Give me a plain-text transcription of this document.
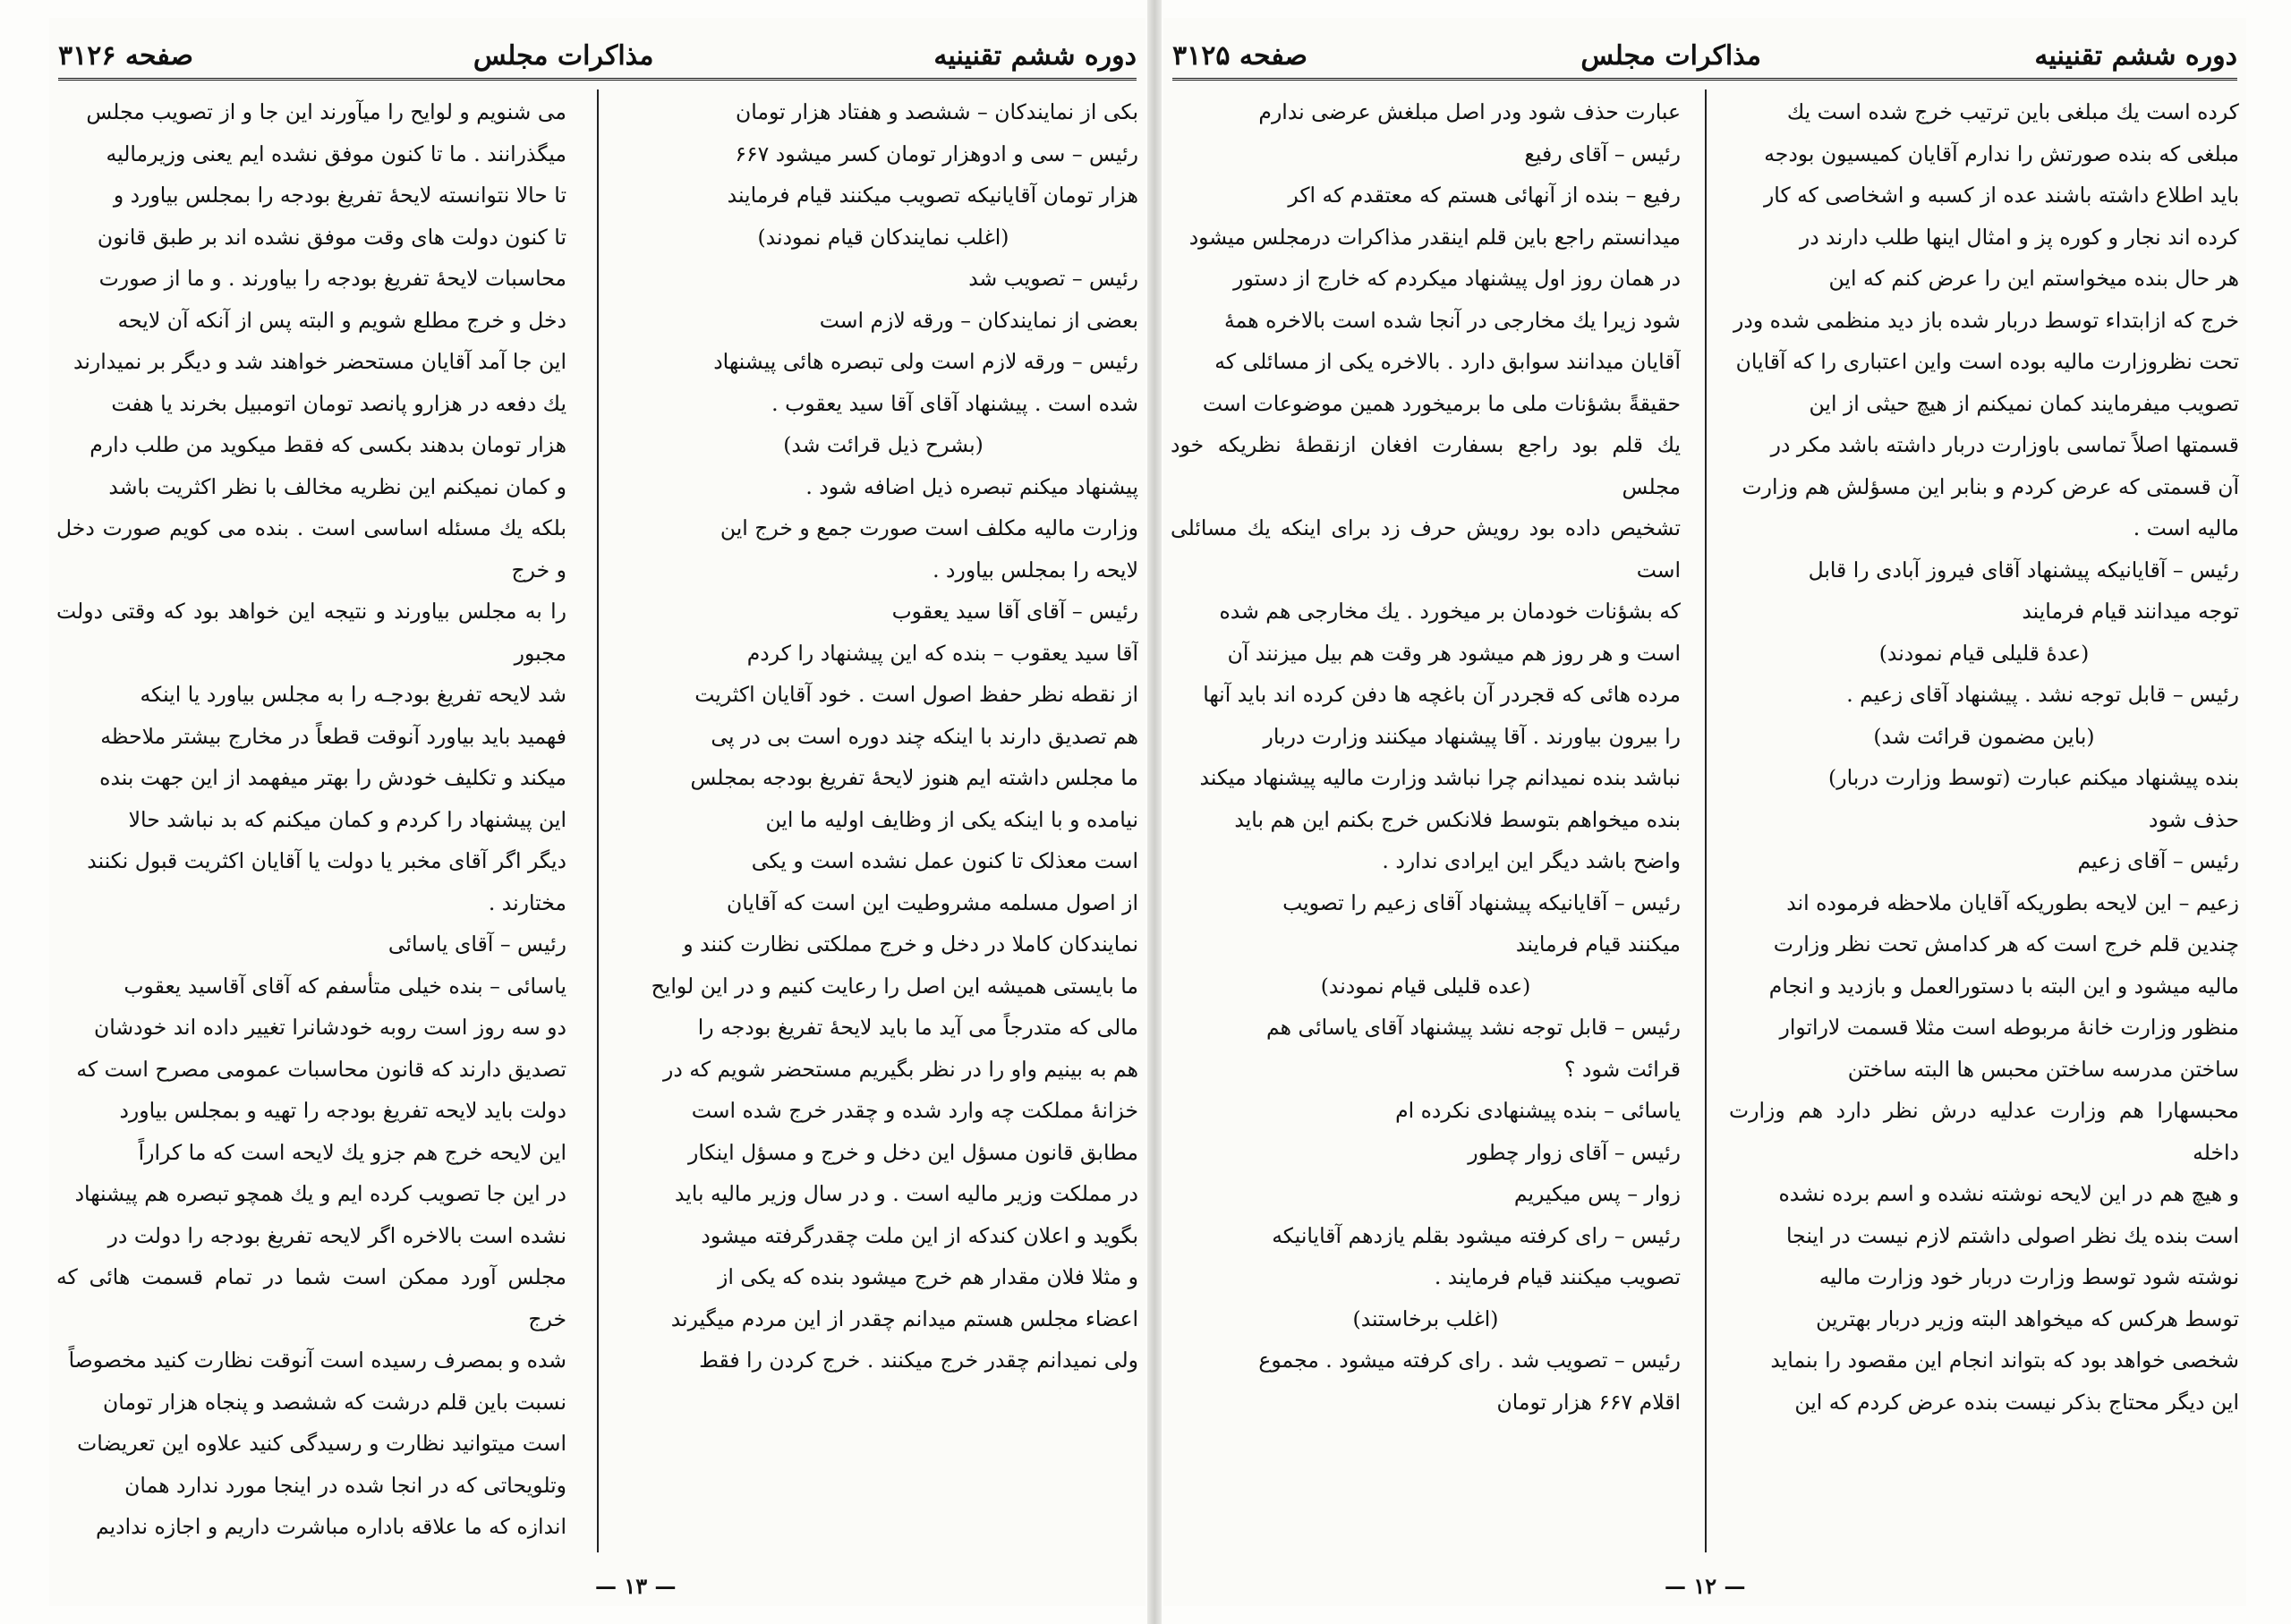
دوره ششم تقنینیه
مذاکرات مجلس
صفحه ۳۱۲۶
بکی از نمایندکان – ششصد و هفتاد هزار تومان
رئیس – سی و ادوهزار تومان کسر میشود ۶۶۷
هزار تومان آقایانیکه تصویب میکنند قیام فرمایند
(اغلب نمایندکان قیام نمودند)
رئیس – تصویب شد
بعضی از نمایندکان – ورقه لازم است
رئیس – ورقه لازم است ولی تبصره هائی پیشنهاد
شده است . پیشنهاد آقای آقا سید یعقوب .
(بشرح ذیل قرائت شد)
پیشنهاد میکنم تبصره ذیل اضافه شود .
وزارت مالیه مکلف است صورت جمع و خرج این
لایحه را بمجلس بیاورد .
رئیس – آقای آقا سید یعقوب
آقا سید یعقوب – بنده که این پیشنهاد را کردم
از نقطه نظر حفظ اصول است . خود آقایان اکثریت
هم تصدیق دارند با اینکه چند دوره است بی در پی
ما مجلس داشته ایم هنوز لایحهٔ تفریغ بودجه بمجلس
نیامده و با اینکه یکی از وظایف اولیه ما این
است معذلک تا کنون عمل نشده است و یکی
از اصول مسلمه مشروطیت این است که آقایان
نمایندکان کاملا در دخل و خرج مملکتی نظارت کنند و
ما بایستی همیشه این اصل را رعایت کنیم و در این لوایح
مالی که متدرجاً می آید ما باید لایحهٔ تفریغ بودجه را
هم به بینیم واو را در نظر بگیریم مستحضر شویم که در
خزانهٔ مملکت چه وارد شده و چقدر خرج شده است
مطابق قانون مسؤل این دخل و خرج و مسؤل اینکار
در مملکت وزیر مالیه است . و در سال وزیر مالیه باید
بگوید و اعلان کندکه از این ملت چقدرگرفته میشود
و مثلا فلان مقدار هم خرج میشود بنده که یکی از
اعضاء مجلس هستم میدانم چقدر از این مردم میگیرند
ولی نمیدانم چقدر خرج میکنند . خرج کردن را فقط
می شنویم و لوایح را میآورند این جا و از تصویب مجلس
میگذرانند . ما تا کنون موفق نشده ایم یعنی وزیرمالیه
تا حالا نتوانسته لایحهٔ تفریغ بودجه را بمجلس بیاورد و
تا کنون دولت های وقت موفق نشده اند بر طبق قانون
محاسبات لایحهٔ تفریغ بودجه را بیاورند . و ما از صورت
دخل و خرج مطلع شویم و البته پس از آنکه آن لایحه
این جا آمد آقایان مستحضر خواهند شد و دیگر بر نمیدارند
یك دفعه در هزارو پانصد تومان اتومبیل بخرند یا هفت
هزار تومان بدهند بکسی که فقط میکوید من طلب دارم
و کمان نمیکنم این نظریه مخالف با نظر اکثریت باشد
بلکه یك مسئله اساسی است . بنده می کویم صورت دخل و خرج
را به مجلس بیاورند و نتیجه این خواهد بود که وقتی دولت مجبور
شد لایحه تفریغ بودجـه را به مجلس بیاورد یا اینکه
فهمید باید بیاورد آنوقت قطعاً در مخارج بیشتر ملاحظه
میکند و تکلیف خودش را بهتر میفهمد از این جهت بنده
این پیشنهاد را کردم و کمان میکنم که بد نباشد حالا
دیگر اگر آقای مخبر یا دولت یا آقایان اکثریت قبول نکنند
مختارند .
رئیس – آقای یاسائی
یاسائی – بنده خیلی متأسفم که آقای آقاسید یعقوب
دو سه روز است روبه خودشانرا تغییر داده اند خودشان
تصدیق دارند که قانون محاسبات عمومی مصرح است که
دولت باید لایحه تفریغ بودجه را تهیه و بمجلس بیاورد
این لایحه خرج هم جزو یك لایحه است که ما کراراً
در این جا تصویب کرده ایم و یك همچو تبصره هم پیشنهاد
نشده است بالاخره اگر لایحه تفریغ بودجه را دولت در
مجلس آورد ممکن است شما در تمام قسمت هائی که خرج
شده و بمصرف رسیده است آنوقت نظارت کنید مخصوصاً
نسبت باین قلم درشت که ششصد و پنجاه هزار تومان
است میتوانید نظارت و رسیدگی کنید علاوه این تعریضات
وتلویحاتی که در انجا شده در اینجا مورد ندارد همان
اندازه که ما علاقه باداره مباشرت داریم و اجازه ندادیم
— ۱۳ —
دوره ششم تقنینیه
مذاکرات مجلس
صفحه ۳۱۲۵
کرده است یك مبلغی باین ترتیب خرج شده است یك
مبلغی که بنده صورتش را ندارم آقایان کمیسیون بودجه
باید اطلاع داشته باشند عده از کسبه و اشخاصی که کار
کرده اند نجار و کوره پز و امثال اینها طلب دارند در
هر حال بنده میخواستم این را عرض کنم که این
خرج که ازابتداء توسط دربار شده باز دید منظمی شده ودر
تحت نظروزارت مالیه بوده است واین اعتباری را که آقایان
تصویب میفرمایند کمان نمیکنم از هیچ حیثی از این
قسمتها اصلاً تماسی باوزارت دربار داشته باشد مکر در
آن قسمتی که عرض کردم و بنابر این مسؤلش هم وزارت
مالیه است .
رئیس – آقایانیکه پیشنهاد آقای فیروز آبادی را قابل
توجه میدانند قیام فرمایند
(عدهٔ قلیلی قیام نمودند)
رئیس – قابل توجه نشد . پیشنهاد آقای زعیم .
(باین مضمون قرائت شد)
بنده پیشنهاد میکنم عبارت (توسط وزارت دربار)
حذف شود
رئیس – آقای زعیم
زعیم – این لایحه بطوریکه آقایان ملاحظه فرموده اند
چندین قلم خرج است که هر کدامش تحت نظر وزارت
مالیه میشود و این البته با دستورالعمل و بازدید و انجام
منظور وزارت خانهٔ مربوطه است مثلا قسمت لاراتوار
ساختن مدرسه ساختن محبس ها البته ساختن
محبسهارا هم وزارت عدلیه درش نظر دارد هم وزارت داخله
و هیچ هم در این لایحه نوشته نشده و اسم برده نشده
است بنده یك نظر اصولی داشتم لازم نیست در اینجا
نوشته شود توسط وزارت دربار خود وزارت مالیه
توسط هرکس که میخواهد البته وزیر دربار بهترین
شخصی خواهد بود که بتواند انجام این مقصود را بنماید
این دیگر محتاج بذکر نیست بنده عرض کردم که این
عبارت حذف شود ودر اصل مبلغش عرضی ندارم
رئیس – آقای رفیع
رفیع – بنده از آنهائی هستم که معتقدم که اکر
میدانستم راجع باین قلم اینقدر مذاکرات درمجلس میشود
در همان روز اول پیشنهاد میکردم که خارج از دستور
شود زیرا یك مخارجی در آنجا شده است بالاخره همهٔ
آقایان میدانند سوابق دارد . بالاخره یکی از مسائلی که
حقیقةً بشؤنات ملی ما برمیخورد همین موضوعات است
یك قلم بود راجع بسفارت افغان ازنقطهٔ نظریکه خود مجلس
تشخیص داده بود رویش حرف زد برای اینکه یك مسائلی است
که بشؤنات خودمان بر میخورد . یك مخارجی هم شده
است و هر روز هم میشود هر وقت هم بیل میزنند آن
مرده هائی که قجردر آن باغچه ها دفن کرده اند باید آنها
را بیرون بیاورند . آقا پیشنهاد میکنند وزارت دربار
نباشد بنده نمیدانم چرا نباشد وزارت مالیه پیشنهاد میکند
بنده میخواهم بتوسط فلانکس خرج بکنم این هم باید
واضح باشد دیگر این ایرادی ندارد .
رئیس – آقایانیکه پیشنهاد آقای زعیم را تصویب
میکنند قیام فرمایند
(عده قلیلی قیام نمودند)
رئیس – قابل توجه نشد پیشنهاد آقای یاسائی هم
قرائت شود ؟
یاسائی – بنده پیشنهادی نکرده ام
رئیس – آقای زوار چطور
زوار – پس میکیریم
رئیس – رای کرفته میشود بقلم یازدهم آقایانیکه
تصویب میکنند قیام فرمایند .
(اغلب برخاستند)
رئیس – تصویب شد . رای کرفته میشود . مجموع
اقلام ۶۶۷ هزار تومان
— ۱۲ —
